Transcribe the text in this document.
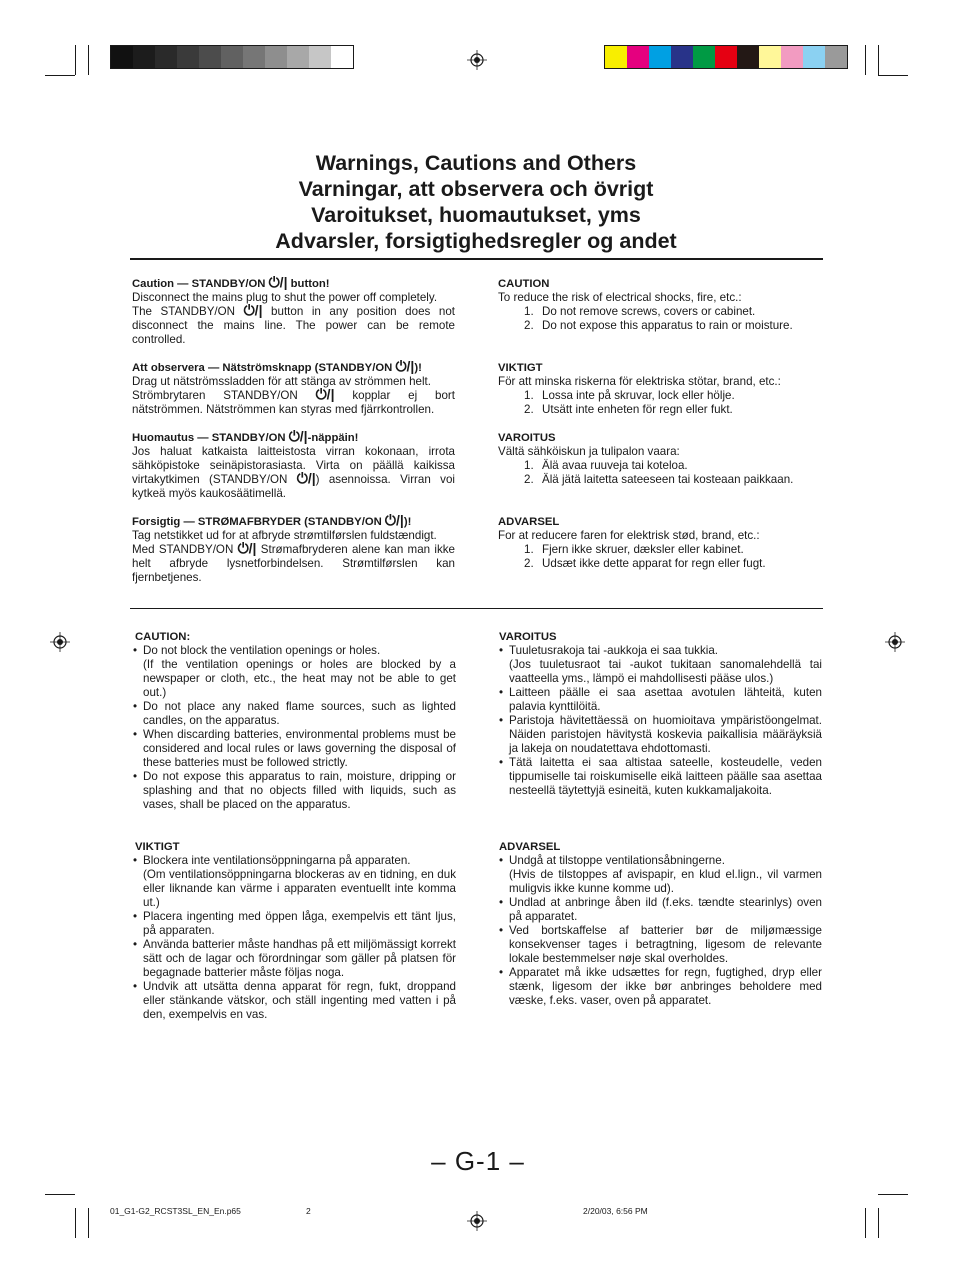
Warnings, Cautions and Others
Varningar, att observera och övrigt
Varoitukset, huomautukset, yms
Advarsler, forsigtighedsregler og andet
Caution — STANDBY/ON ⏻/| button!
Disconnect the mains plug to shut the power off completely.
The STANDBY/ON ⏻/| button in any position does not disconnect the mains line. The power can be remote controlled.
Att observera — Nätströmsknapp (STANDBY/ON ⏻/|)!
Drag ut nätströmssladden för att stänga av strömmen helt.
Strömbrytaren STANDBY/ON ⏻/| kopplar ej bort nätströmmen. Nätströmmen kan styras med fjärrkontrollen.
Huomautus — STANDBY/ON ⏻/|-näppäin!
Jos haluat katkaista laitteistosta virran kokonaan, irrota sähköpistoke seinäpistorasiasta. Virta on päällä kaikissa virtakytkimen (STANDBY/ON ⏻/|) asennoissa. Virran voi kytkeä myös kaukosäätimellä.
Forsigtig — STRØMAFBRYDER (STANDBY/ON ⏻/|)!
Tag netstikket ud for at afbryde strømtilførslen fuldstændigt.
Med STANDBY/ON ⏻/| Strømafbryderen alene kan man ikke helt afbryde lysnetforbindelsen. Strømtilførslen kan fjernbetjenes.
CAUTION
To reduce the risk of electrical shocks, fire, etc.:
1. Do not remove screws, covers or cabinet.
2. Do not expose this apparatus to rain or moisture.
VIKTIGT
För att minska riskerna för elektriska stötar, brand, etc.:
1. Lossa inte på skruvar, lock eller hölje.
2. Utsätt inte enheten för regn eller fukt.
VAROITUS
Vältä sähköiskun ja tulipalon vaara:
1. Älä avaa ruuveja tai koteloa.
2. Älä jätä laitetta sateeseen tai kosteaan paikkaan.
ADVARSEL
For at reducere faren for elektrisk stød, brand, etc.:
1. Fjern ikke skruer, dæksler eller kabinet.
2. Udsæt ikke dette apparat for regn eller fugt.
CAUTION:
• Do not block the ventilation openings or holes.
(If the ventilation openings or holes are blocked by a newspaper or cloth, etc., the heat may not be able to get out.)
• Do not place any naked flame sources, such as lighted candles, on the apparatus.
• When discarding batteries, environmental problems must be considered and local rules or laws governing the disposal of these batteries must be followed strictly.
• Do not expose this apparatus to rain, moisture, dripping or splashing and that no objects filled with liquids, such as vases, shall be placed on the apparatus.
VAROITUS
• Tuuletusrakoja tai -aukkoja ei saa tukkia.
(Jos tuuletusraot tai -aukot tukitaan sanomalehdellä tai vaatteella yms., lämpö ei mahdollisesti pääse ulos.)
• Laitteen päälle ei saa asettaa avotulen lähteitä, kuten palavia kynttilöitä.
• Paristoja hävitettäessä on huomioitava ympäristöongelmat. Näiden paristojen hävitystä koskevia paikallisia määräyksiä ja lakeja on noudatettava ehdottomasti.
• Tätä laitetta ei saa altistaa sateelle, kosteudelle, veden tippumiselle tai roiskumiselle eikä laitteen päälle saa asettaa nesteellä täytettyjä esineitä, kuten kukkamaljakoita.
VIKTIGT
• Blockera inte ventilationsöppningarna på apparaten.
(Om ventilationsöppningarna blockeras av en tidning, en duk eller liknande kan värme i apparaten eventuellt inte komma ut.)
• Placera ingenting med öppen låga, exempelvis ett tänt ljus, på apparaten.
• Använda batterier måste handhas på ett miljömässigt korrekt sätt och de lagar och förordningar som gäller på platsen för begagnade batterier måste följas noga.
• Undvik att utsätta denna apparat för regn, fukt, droppand eller stänkande vätskor, och ställ ingenting med vatten i på den, exempelvis en vas.
ADVARSEL
• Undgå at tilstoppe ventilationsåbningerne.
(Hvis de tilstoppes af avispapir, en klud el.lign., vil varmen muligvis ikke kunne komme ud).
• Undlad at anbringe åben ild (f.eks. tændte stearinlys) oven på apparatet.
• Ved bortskaffelse af batterier bør de miljømæssige konsekvenser tages i betragtning, ligesom de relevante lokale bestemmelser nøje skal overholdes.
• Apparatet må ikke udsættes for regn, fugtighed, dryp eller stænk, ligesom der ikke bør anbringes beholdere med væske, f.eks. vaser, oven på apparatet.
– G-1 –
01_G1-G2_RCST3SL_EN_En.p65	2	2/20/03, 6:56 PM
